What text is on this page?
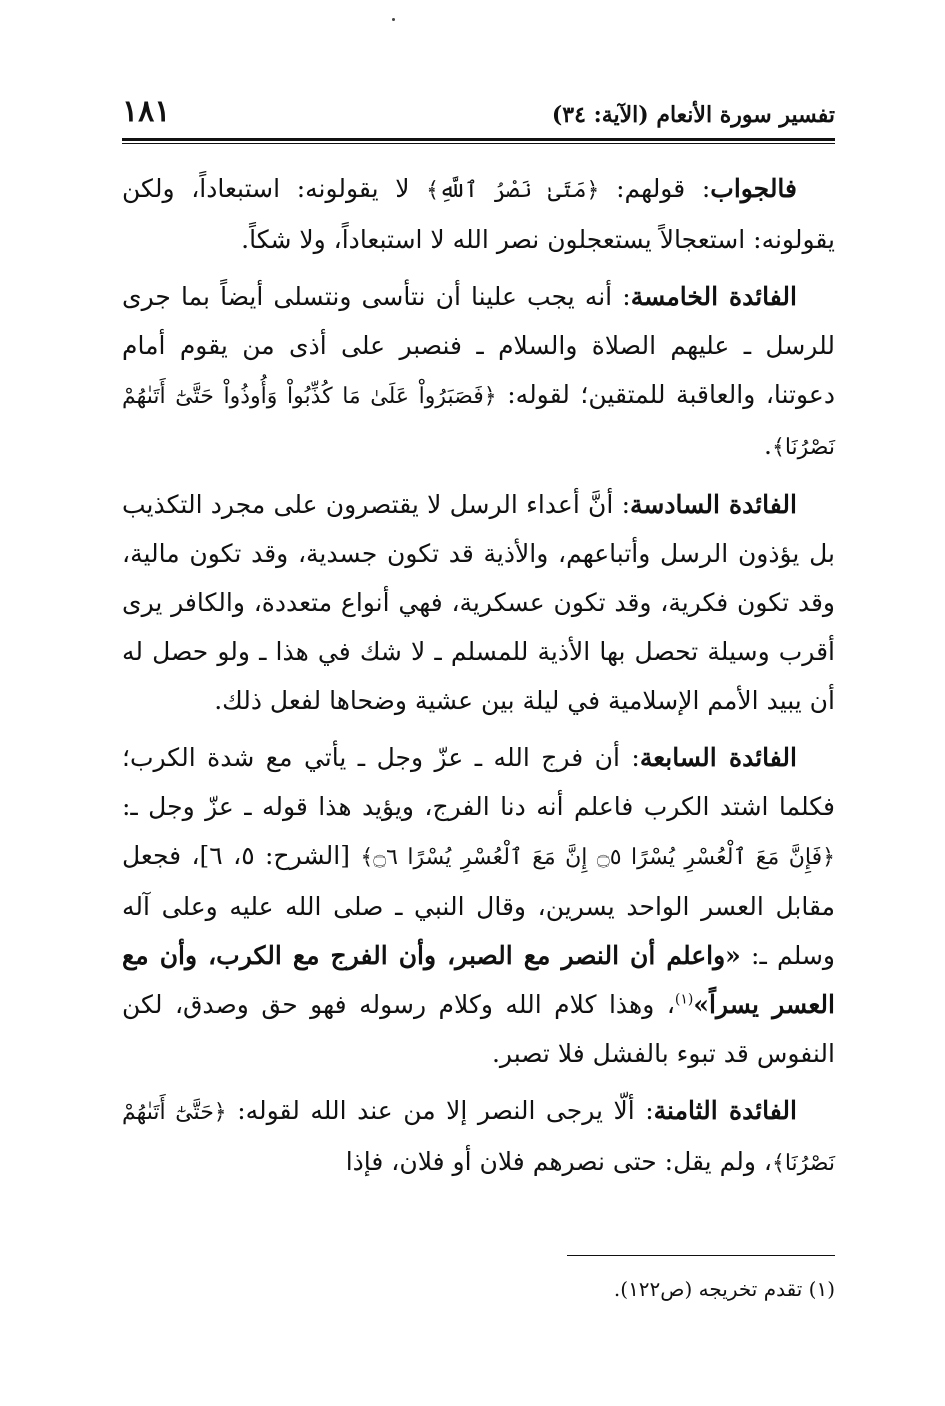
تفسير سورة الأنعام (الآية: ٣٤)
١٨١

فالجواب: قولهم: ﴿مَتَىٰ نَصْرُ ٱللَّهِ﴾ لا يقولونه: استبعاداً، ولكن يقولونه: استعجالاً يستعجلون نصر الله لا استبعاداً، ولا شكاً.

الفائدة الخامسة: أنه يجب علينا أن نتأسى ونتسلى أيضاً بما جرى للرسل ـ عليهم الصلاة والسلام ـ فنصبر على أذى من يقوم أمام دعوتنا، والعاقبة للمتقين؛ لقوله: ﴿فَصَبَرُواْ عَلَىٰ مَا كُذِّبُواْ وَأُوذُواْ حَتَّىٰٓ أَتَىٰهُمْ نَصْرُنَا﴾.

الفائدة السادسة: أنَّ أعداء الرسل لا يقتصرون على مجرد التكذيب بل يؤذون الرسل وأتباعهم، والأذية قد تكون جسدية، وقد تكون مالية، وقد تكون فكرية، وقد تكون عسكرية، فهي أنواع متعددة، والكافر يرى أقرب وسيلة تحصل بها الأذية للمسلم ـ لا شك في هذا ـ ولو حصل له أن يبيد الأمم الإسلامية في ليلة بين عشية وضحاها لفعل ذلك.

الفائدة السابعة: أن فرج الله ـ عزّ وجل ـ يأتي مع شدة الكرب؛ فكلما اشتد الكرب فاعلم أنه دنا الفرج، ويؤيد هذا قوله ـ عزّ وجل ـ: ﴿فَإِنَّ مَعَ ٱلْعُسْرِ يُسْرًا ۝٥ إِنَّ مَعَ ٱلْعُسْرِ يُسْرًا ۝٦﴾ [الشرح: ٥، ٦]، فجعل مقابل العسر الواحد يسرين، وقال النبي ـ صلى الله عليه وعلى آله وسلم ـ: «واعلم أن النصر مع الصبر، وأن الفرج مع الكرب، وأن مع العسر يسراً»$^{(١)}$، وهذا كلام الله وكلام رسوله فهو حق وصدق، لكن النفوس قد تبوء بالفشل فلا تصبر.

الفائدة الثامنة: ألّا يرجى النصر إلا من عند الله لقوله: ﴿حَتَّىٰٓ أَتَىٰهُمْ نَصْرُنَا﴾، ولم يقل: حتى نصرهم فلان أو فلان، فإذا

(١) تقدم تخريجه (ص١٢٢).
